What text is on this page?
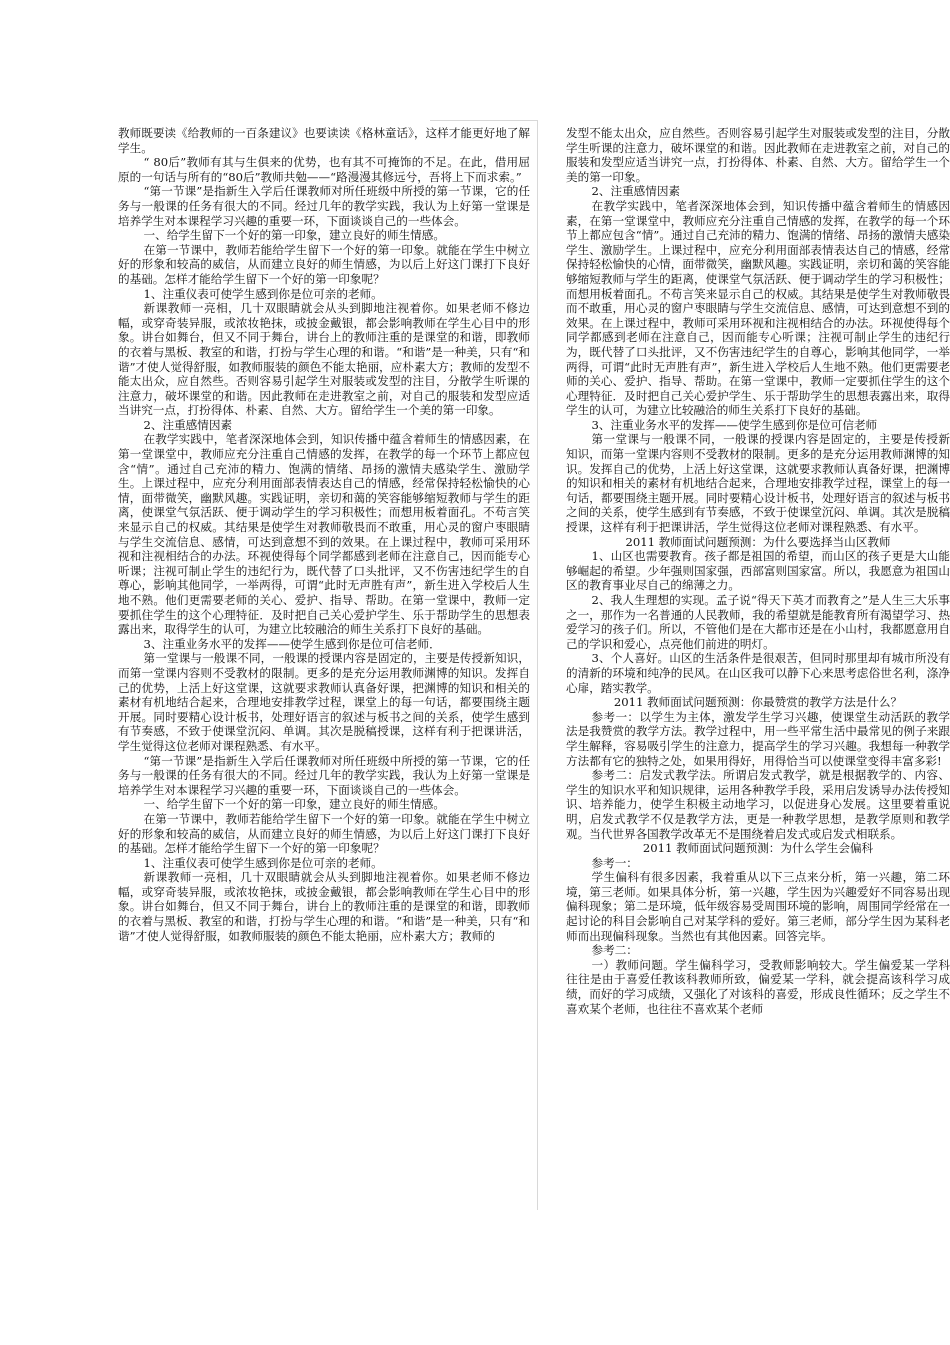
教师既要读《给教师的一百条建议》也要读读《格林童话》，这样才能更好地了解学生。

“ 80后”教师有其与生俱来的优势，也有其不可掩饰的不足。在此，借用屈原的一句话与所有的“80后”教师共勉——“路漫漫其修远兮，吾将上下而求索。”

“第一节课”是指新生入学后任课教师对所任班级中所授的第一节课，它的任务与一般课的任务有很大的不同。经过几年的教学实践，我认为上好第一堂课是培养学生对本课程学习兴趣的重要一环，下面谈谈自己的一些体会。

一、给学生留下一个好的第一印象，建立良好的师生情感。

在第一节课中，教师若能给学生留下一个好的第一印象。就能在学生中树立好的形象和较高的威信，从而建立良好的师生情感，为以后上好这门课打下良好的基础。怎样才能给学生留下一个好的第一印象呢？

1、注重仪表可使学生感到你是位可亲的老师。

新课教师一亮相，几十双眼睛就会从头到脚地注视着你。如果老师不修边幅，或穿奇装异服，或浓妆艳抹，或披金戴银，都会影响教师在学生心目中的形象。讲台如舞台，但又不同于舞台，讲台上的教师注重的是课堂的和谐，即教师的衣着与黑板、教室的和谐，打扮与学生心理的和谐。“和谐”是一种美，只有“和谐”才使人觉得舒服，如教师服装的颜色不能太艳丽，应朴素大方；教师的发型不能太出众，应自然些。否则容易引起学生对服装或发型的注目，分散学生听课的注意力，破坏课堂的和谐。因此教师在走进教室之前，对自己的服装和发型应适当讲究一点，打扮得体、朴素、自然、大方。留给学生一个美的第一印象。

2、注重感情因素

在教学实践中，笔者深深地体会到，知识传播中蕴含着师生的情感因素，在第一堂课堂中，教师应充分注重自己情感的发挥，在教学的每一个环节上都应包含“情”。通过自己充沛的精力、饱满的情绪、昂扬的激情夫感染学生、激励学生。上课过程中，应充分利用面部表情表达自己的情感，经常保持轻松愉快的心情，面带微笑，幽默风趣。实践证明，亲切和蔼的笑容能够缩短教师与学生的距离，使课堂气氛活跃、便于调动学生的学习积极性；而想用板着面孔。不苟言笑来显示自己的权威。其结果是使学生对教师敬畏而不敢重，用心灵的窗户枣眼睛与学生交流信息、感情，可达到意想不到的效果。在上课过程中，教师可采用环视和注视相结合的办法。环视使得每个同学都感到老师在注意自己，因而能专心听课；注视可制止学生的违纪行为，既代替了口头批评，又不伤害违纪学生的自尊心，影响其他同学，一举两得，可谓“此时无声胜有声”，新生进入学校后人生地不熟。他们更需要老师的关心、爱护、指导、帮助。在第一堂课中，教师一定要抓住学生的这个心理特征．及时把自己关心爱护学生、乐于帮助学生的思想表露出来，取得学生的认可，为建立比较融洽的师生关系打下良好的基础。

3、注重业务水平的发挥——使学生感到你是位可信老师．

第一堂课与一般课不同，一般课的授课内容是固定的，主要是传授新知识，而第一堂课内容则不受教材的限制。更多的是充分运用教师渊博的知识。发挥自己的优势，上活上好这堂课，这就要求教师认真备好课，把渊博的知识和相关的素材有机地结合起来，合理地安排教学过程，课堂上的每一句话，都要围绕主题开展。同时要精心设计板书，处理好语言的叙述与板书之间的关系，使学生感到有节奏感，不致于使课堂沉闷、单调。其次是脱稿授课，这样有利于把课讲活，学生觉得这位老师对课程熟悉、有水平。

“第一节课”是指新生入学后任课教师对所任班级中所授的第一节课，它的任务与一般课的任务有很大的不同。经过几年的教学实践，我认为上好第一堂课是培养学生对本课程学习兴趣的重要一环，下面谈谈自己的一些体会。

一、给学生留下一个好的第一印象，建立良好的师生情感。

在第一节课中，教师若能给学生留下一个好的第一印象。就能在学生中树立好的形象和较高的威信，从而建立良好的师生情感，为以后上好这门课打下良好的基础。怎样才能给学生留下一个好的第一印象呢？

1、注重仪表可使学生感到你是位可亲的老师。

新课教师一亮相，几十双眼睛就会从头到脚地注视着你。如果老师不修边幅，或穿奇装异服，或浓妆艳抹，或披金戴银，都会影响教师在学生心目中的形象。讲台如舞台，但又不同于舞台，讲台上的教师注重的是课堂的和谐，即教师的衣着与黑板、教室的和谐，打扮与学生心理的和谐。“和谐”是一种美，只有“和谐”才使人觉得舒服，如教师服装的颜色不能太艳丽，应朴素大方；教师的

发型不能太出众，应自然些。否则容易引起学生对服装或发型的注目，分散学生听课的注意力，破坏课堂的和谐。因此教师在走进教室之前，对自己的服装和发型应适当讲究一点，打扮得体、朴素、自然、大方。留给学生一个美的第一印象。

2、注重感情因素

在教学实践中，笔者深深地体会到，知识传播中蕴含着师生的情感因素，在第一堂课堂中，教师应充分注重自己情感的发挥，在教学的每一个环节上都应包含“情”。通过自己充沛的精力、饱满的情绪、昂扬的激情夫感染学生、激励学生。上课过程中，应充分利用面部表情表达自己的情感，经常保持轻松愉快的心情，面带微笑，幽默风趣。实践证明，亲切和蔼的笑容能够缩短教师与学生的距离，使课堂气氛活跃、便于调动学生的学习积极性；而想用板着面孔。不苟言笑来显示自己的权威。其结果是使学生对教师敬畏而不敢重，用心灵的窗户枣眼睛与学生交流信息、感情，可达到意想不到的效果。在上课过程中，教师可采用环视和注视相结合的办法。环视使得每个同学都感到老师在注意自己，因而能专心听课；注视可制止学生的违纪行为，既代替了口头批评，又不伤害违纪学生的自尊心，影响其他同学，一举两得，可谓“此时无声胜有声”，新生进入学校后人生地不熟。他们更需要老师的关心、爱护、指导、帮助。在第一堂课中，教师一定要抓住学生的这个心理特征．及时把自己关心爱护学生、乐于帮助学生的思想表露出来，取得学生的认可，为建立比较融洽的师生关系打下良好的基础。

3、注重业务水平的发挥——使学生感到你是位可信老师

第一堂课与一般课不同，一般课的授课内容是固定的，主要是传授新知识，而第一堂课内容则不受教材的限制。更多的是充分运用教师渊博的知识。发挥自己的优势，上活上好这堂课，这就要求教师认真备好课，把渊博的知识和相关的素材有机地结合起来，合理地安排教学过程，课堂上的每一句话，都要围绕主题开展。同时要精心设计板书，处理好语言的叙述与板书之间的关系，使学生感到有节奏感，不致于使课堂沉闷、单调。其次是脱稿授课，这样有利于把课讲活，学生觉得这位老师对课程熟悉、有水平。

2011 教师面试问题预测：为什么要选择当山区教师

1、山区也需要教育。孩子都是祖国的希望，而山区的孩子更是大山能够崛起的希望。少年强则国家强，西部富则国家富。所以，我愿意为祖国山区的教育事业尽自己的绵薄之力。

2、我人生理想的实现。孟子说“得天下英才而教育之”是人生三大乐事之一，那作为一名普通的人民教师，我的希望就是能教育所有渴望学习、热爱学习的孩子们。所以，不管他们是在大都市还是在小山村，我都愿意用自己的学识和爱心，点亮他们前进的明灯。

3、个人喜好。山区的生活条件是很艰苦，但同时那里却有城市所没有的清新的环境和纯净的民风。在山区我可以静下心来思考虑俗世名利，涤净心扉，踏实教学。

2011 教师面试问题预测：你最赞赏的教学方法是什么？

参考一：以学生为主体，激发学生学习兴趣，使课堂生动活跃的教学法是我赞赏的教学方法。教学过程中，用一些平常生活中最常见的例子来跟学生解释，容易吸引学生的注意力，提高学生的学习兴趣。我想每一种教学方法都有它的独特之处，如果用得好，用得恰当可以使课堂变得丰富多彩!

参考二：启发式教学法。所谓启发式教学，就是根据教学的、内容、学生的知识水平和知识规律，运用各种教学手段，采用启发诱导办法传授知识、培养能力，使学生积极主动地学习，以促进身心发展。这里要着重说明，启发式教学不仅是教学方法，更是一种教学思想，是教学原则和教学观。当代世界各国教学改革无不是围绕着启发式或启发式相联系。

2011 教师面试问题预测：为什么学生会偏科

参考一：

学生偏科有很多因素，我着重从以下三点来分析，第一兴趣，第二环境，第三老师。如果具体分析，第一兴趣，学生因为兴趣爱好不同容易出现偏科现象；第二是环境，低年级容易受周围环境的影响，周围同学经常在一起讨论的科目会影响自己对某学科的爱好。第三老师，部分学生因为某科老师而出现偏科现象。当然也有其他因素。回答完毕。

参考二：

一）教师问题。学生偏科学习，受教师影响较大。学生偏爱某一学科往往是由于喜爱任教该科教师所致，偏爱某一学科，就会提高该科学习成绩，而好的学习成绩，又强化了对该科的喜爱，形成良性循环；反之学生不喜欢某个老师，也往往不喜欢某个老师
